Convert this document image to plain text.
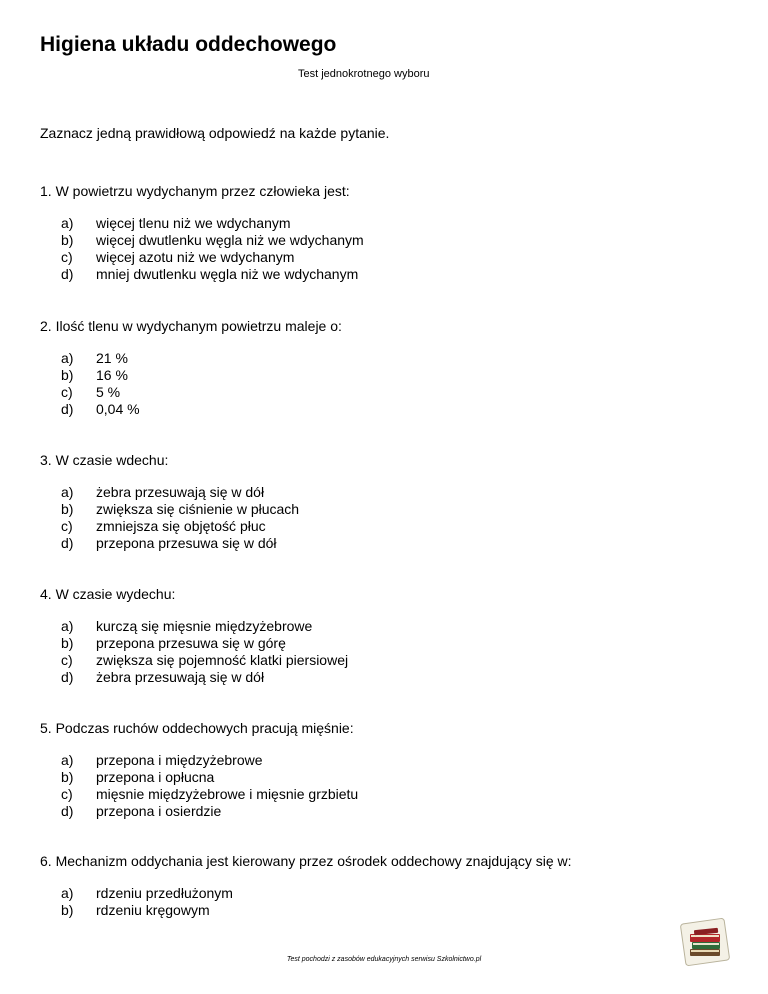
Higiena układu oddechowego
Test jednokrotnego wyboru
Zaznacz jedną prawidłową odpowiedź na każde pytanie.
1. W powietrzu wydychanym przez człowieka jest:
a)	więcej tlenu niż we wdychanym
b)	więcej dwutlenku węgla niż we wdychanym
c)	więcej azotu niż we wdychanym
d)	mniej dwutlenku węgla niż we wdychanym
2. Ilość tlenu w wydychanym powietrzu maleje o:
a)	21 %
b)	16 %
c)	5 %
d)	0,04 %
3. W czasie wdechu:
a)	żebra przesuwają się w dół
b)	zwiększa się ciśnienie w płucach
c)	zmniejsza się objętość płuc
d)	przepona przesuwa się w dół
4. W czasie wydechu:
a)	kurczą się mięsnie międzyżebrowe
b)	przepona przesuwa się w górę
c)	zwiększa się pojemność klatki piersiowej
d)	żebra przesuwają się w dół
5. Podczas ruchów oddechowych pracują mięśnie:
a)	przepona i międzyżebrowe
b)	przepona i opłucna
c)	mięsnie międzyżebrowe i mięsnie grzbietu
d)	przepona i osierdzie
6. Mechanizm oddychania jest kierowany przez ośrodek oddechowy znajdujący się w:
a)	rdzeniu przedłużonym
b)	rdzeniu kręgowym
Test pochodzi z zasobów edukacyjnych serwisu Szkolnictwo.pl
